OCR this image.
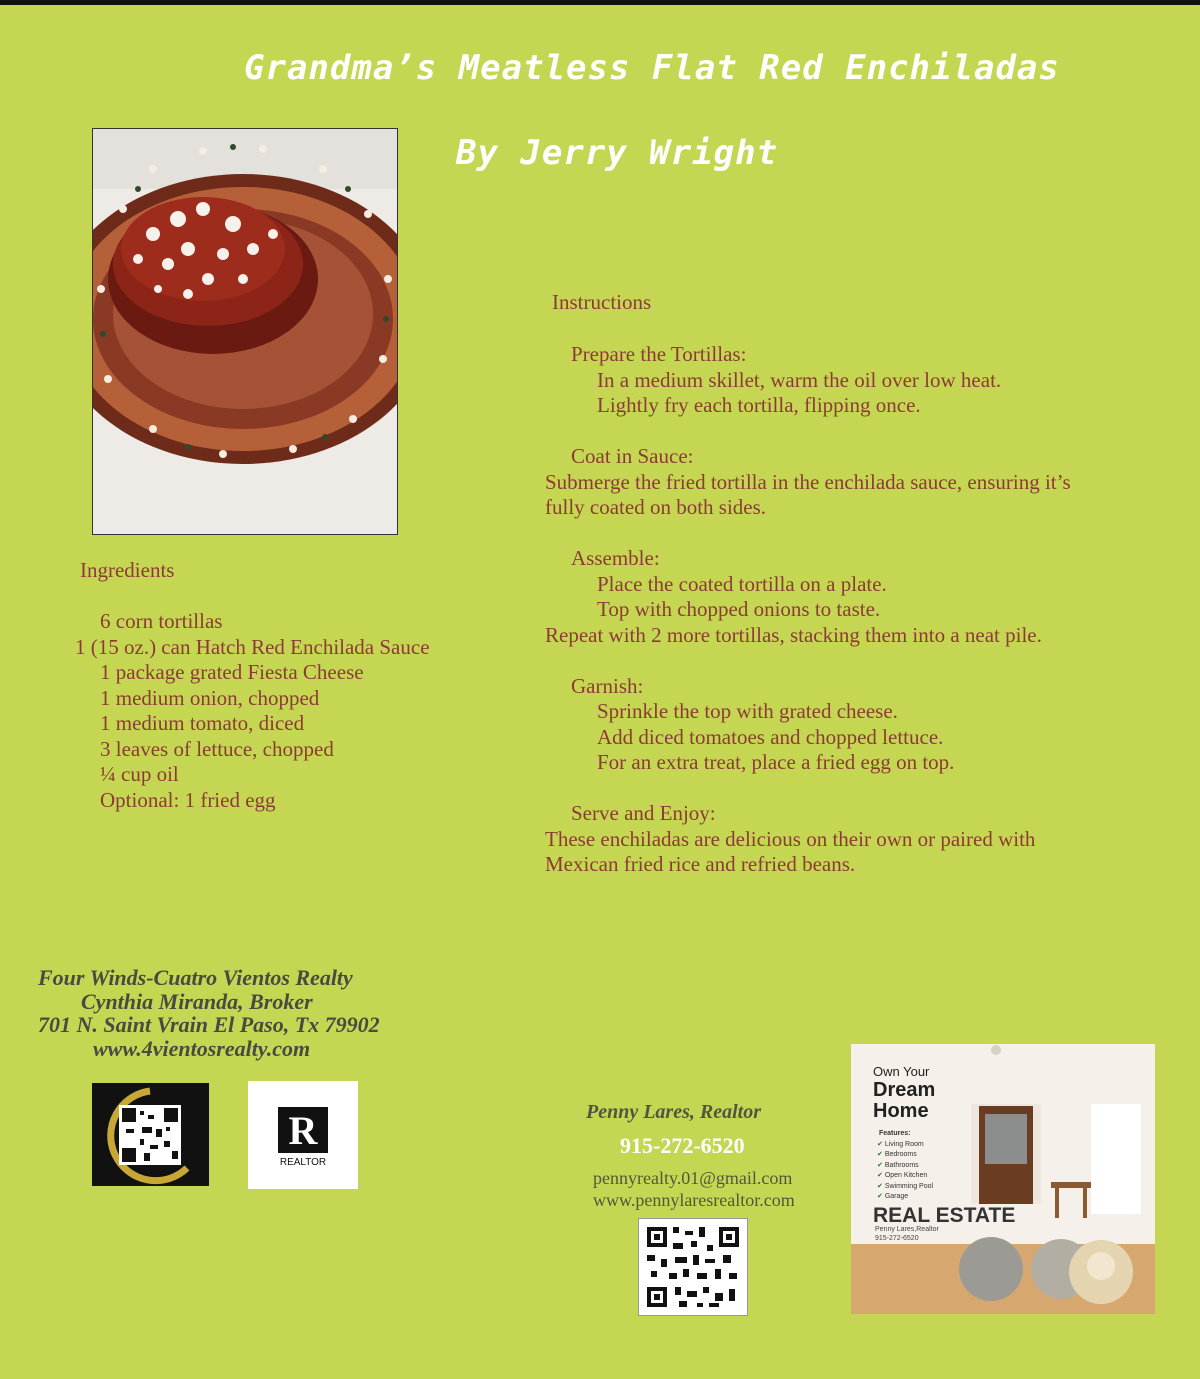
Grandma’s Meatless Flat Red Enchiladas
By Jerry Wright
Ingredients
6 corn tortillas
1 (15 oz.) can Hatch Red Enchilada Sauce
1 package grated Fiesta Cheese
1 medium onion, chopped
1 medium tomato, diced
3 leaves of lettuce, chopped
¼ cup oil
Optional: 1 fried egg
Instructions
Prepare the Tortillas:
In a medium skillet, warm the oil over low heat.
Lightly fry each tortilla, flipping once.
Coat in Sauce:
Submerge the fried tortilla in the enchilada sauce, ensuring it’s fully coated on both sides.
Assemble:
Place the coated tortilla on a plate.
Top with chopped onions to taste.
Repeat with 2 more tortillas, stacking them into a neat pile.
Garnish:
Sprinkle the top with grated cheese.
Add diced tomatoes and chopped lettuce.
For an extra treat, place a fried egg on top.
Serve and Enjoy:
These enchiladas are delicious on their own or paired with Mexican fried rice and refried beans.
Four Winds-Cuatro Vientos Realty
Cynthia Miranda, Broker
701 N. Saint Vrain El Paso, Tx 79902
www.4vientosrealty.com
R
REALTOR
Penny Lares, Realtor
915-272-6520
pennyrealty.01@gmail.com
www.pennylaresrealtor.com
Own Your
Dream Home
Features:
✔ Living Room
✔ Bedrooms
✔ Bathrooms
✔ Open Kitchen
✔ Swimming Pool
✔ Garage
REAL ESTATE
Penny Lares,Realtor
915-272-6520
